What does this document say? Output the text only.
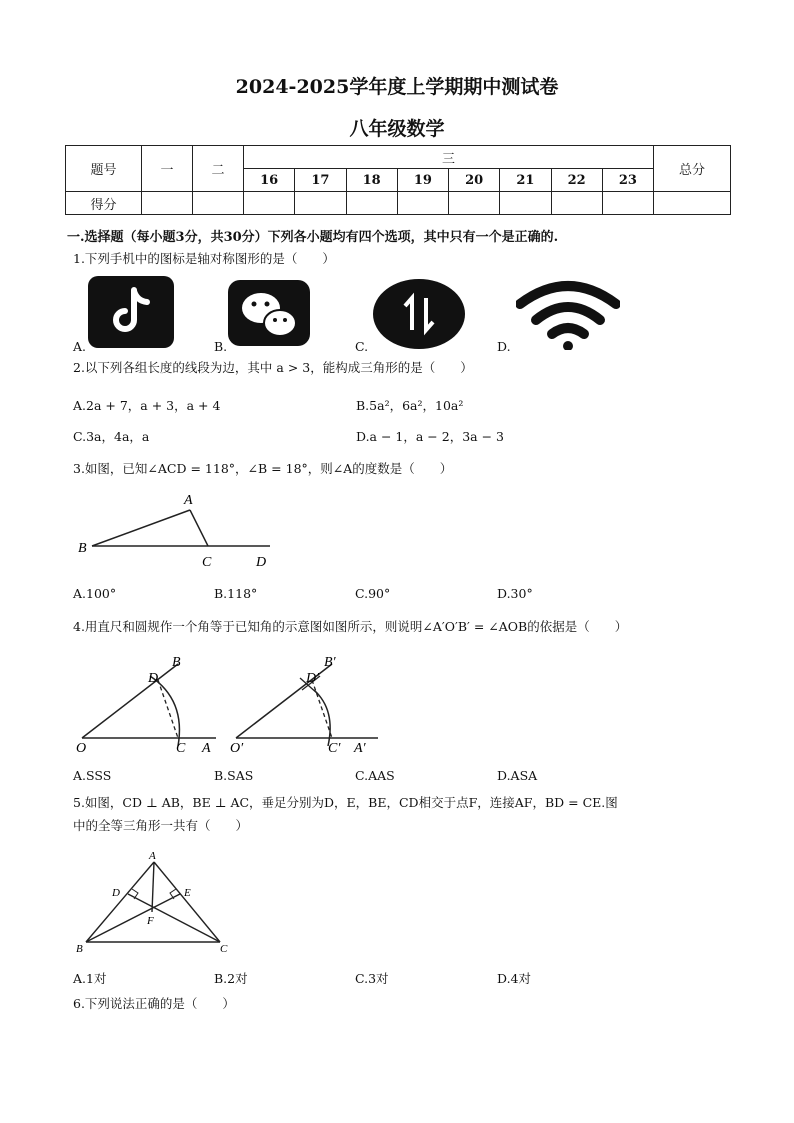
2024-2025学年度上学期期中测试卷
八年级数学
题号	一	二	三								总分
			16	17	18	19	20	21	22	23	
得分											
一.选择题（每小题3分，共30分）下列各小题均有四个选项，其中只有一个是正确的.
1.下列手机中的图标是轴对称图形的是（　　）
A.	B.	C.	D.
2.以下列各组长度的线段为边，其中 a > 3，能构成三角形的是（　　）
A.2a + 7，a + 3，a + 4	B.5a²，6a²，10a²
C.3a，4a，a	D.a − 1，a − 2，3a − 3
3.如图，已知∠ACD = 118°，∠B = 18°，则∠A的度数是（　　）
A
B
C	D
A.100°	B.118°	C.90°	D.30°
4.用直尺和圆规作一个角等于已知角的示意图如图所示，则说明∠A′O′B′ = ∠AOB的依据是（　　）
B
D
O	C A
B′
D′
O′	C′ A′
A.SSS	B.SAS	C.AAS	D.ASA
5.如图，CD ⊥ AB，BE ⊥ AC，垂足分别为D，E，BE，CD相交于点F，连接AF，BD = CE.图
中的全等三角形一共有（　　）
A
D	E
F
B	C
A.1对	B.2对	C.3对	D.4对
6.下列说法正确的是（　　）
